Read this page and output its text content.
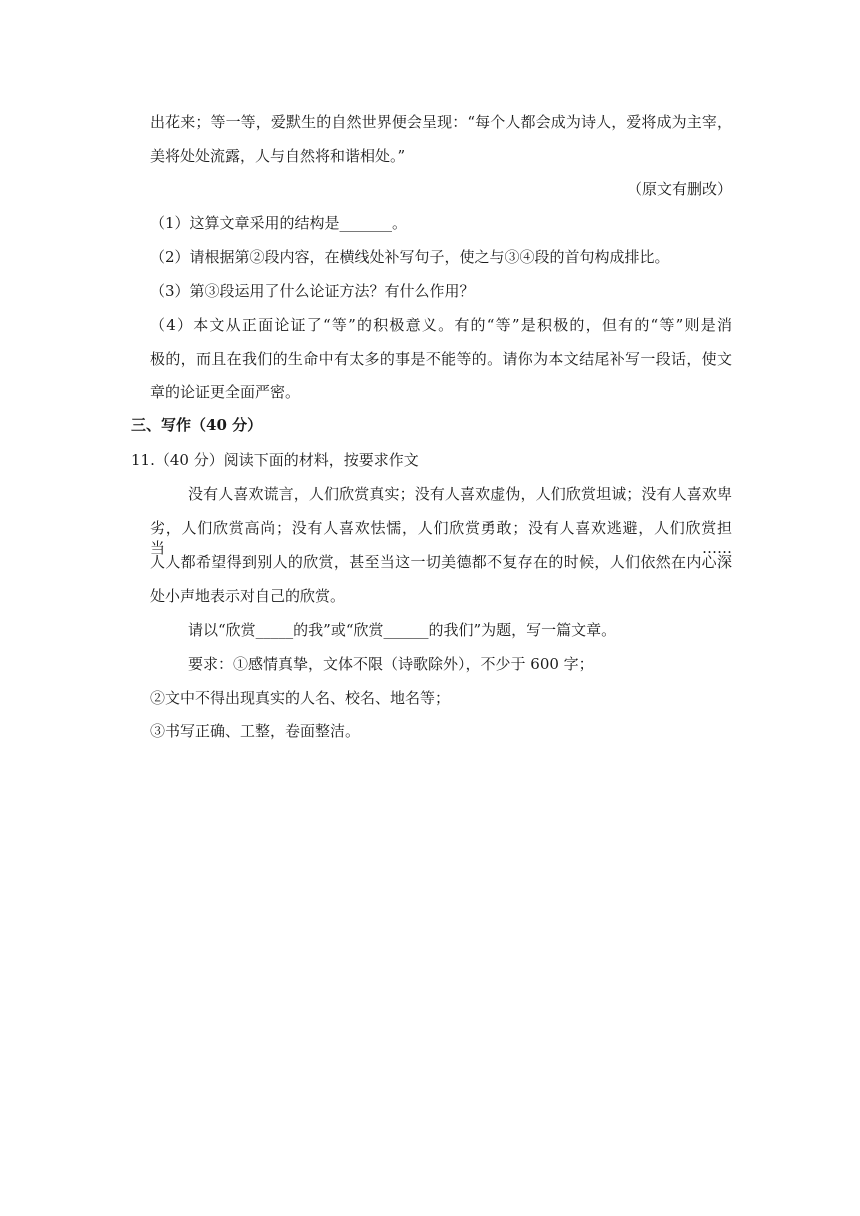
出花来；等一等，爱默生的自然世界便会呈现：“每个人都会成为诗人，爱将成为主宰，
美将处处流露，人与自然将和谐相处。”
（原文有删改）
（1）这算文章采用的结构是_______。
（2）请根据第②段内容，在横线处补写句子，使之与③④段的首句构成排比。
（3）第③段运用了什么论证方法？有什么作用？
（4）本文从正面论证了“等”的积极意义。有的“等”是积极的，但有的“等”则是消
极的，而且在我们的生命中有太多的事是不能等的。请你为本文结尾补写一段话，使文
章的论证更全面严密。
三、写作（40 分）
11.（40 分）阅读下面的材料，按要求作文
没有人喜欢谎言，人们欣赏真实；没有人喜欢虚伪，人们欣赏坦诚；没有人喜欢卑
劣，人们欣赏高尚；没有人喜欢怯懦，人们欣赏勇敢；没有人喜欢逃避，人们欣赏担当……
人人都希望得到别人的欣赏，甚至当这一切美德都不复存在的时候，人们依然在内心深
处小声地表示对自己的欣赏。
请以“欣赏_____的我”或“欣赏______的我们”为题，写一篇文章。
要求：①感情真挚，文体不限（诗歌除外），不少于 600 字；
②文中不得出现真实的人名、校名、地名等；
③书写正确、工整，卷面整洁。
